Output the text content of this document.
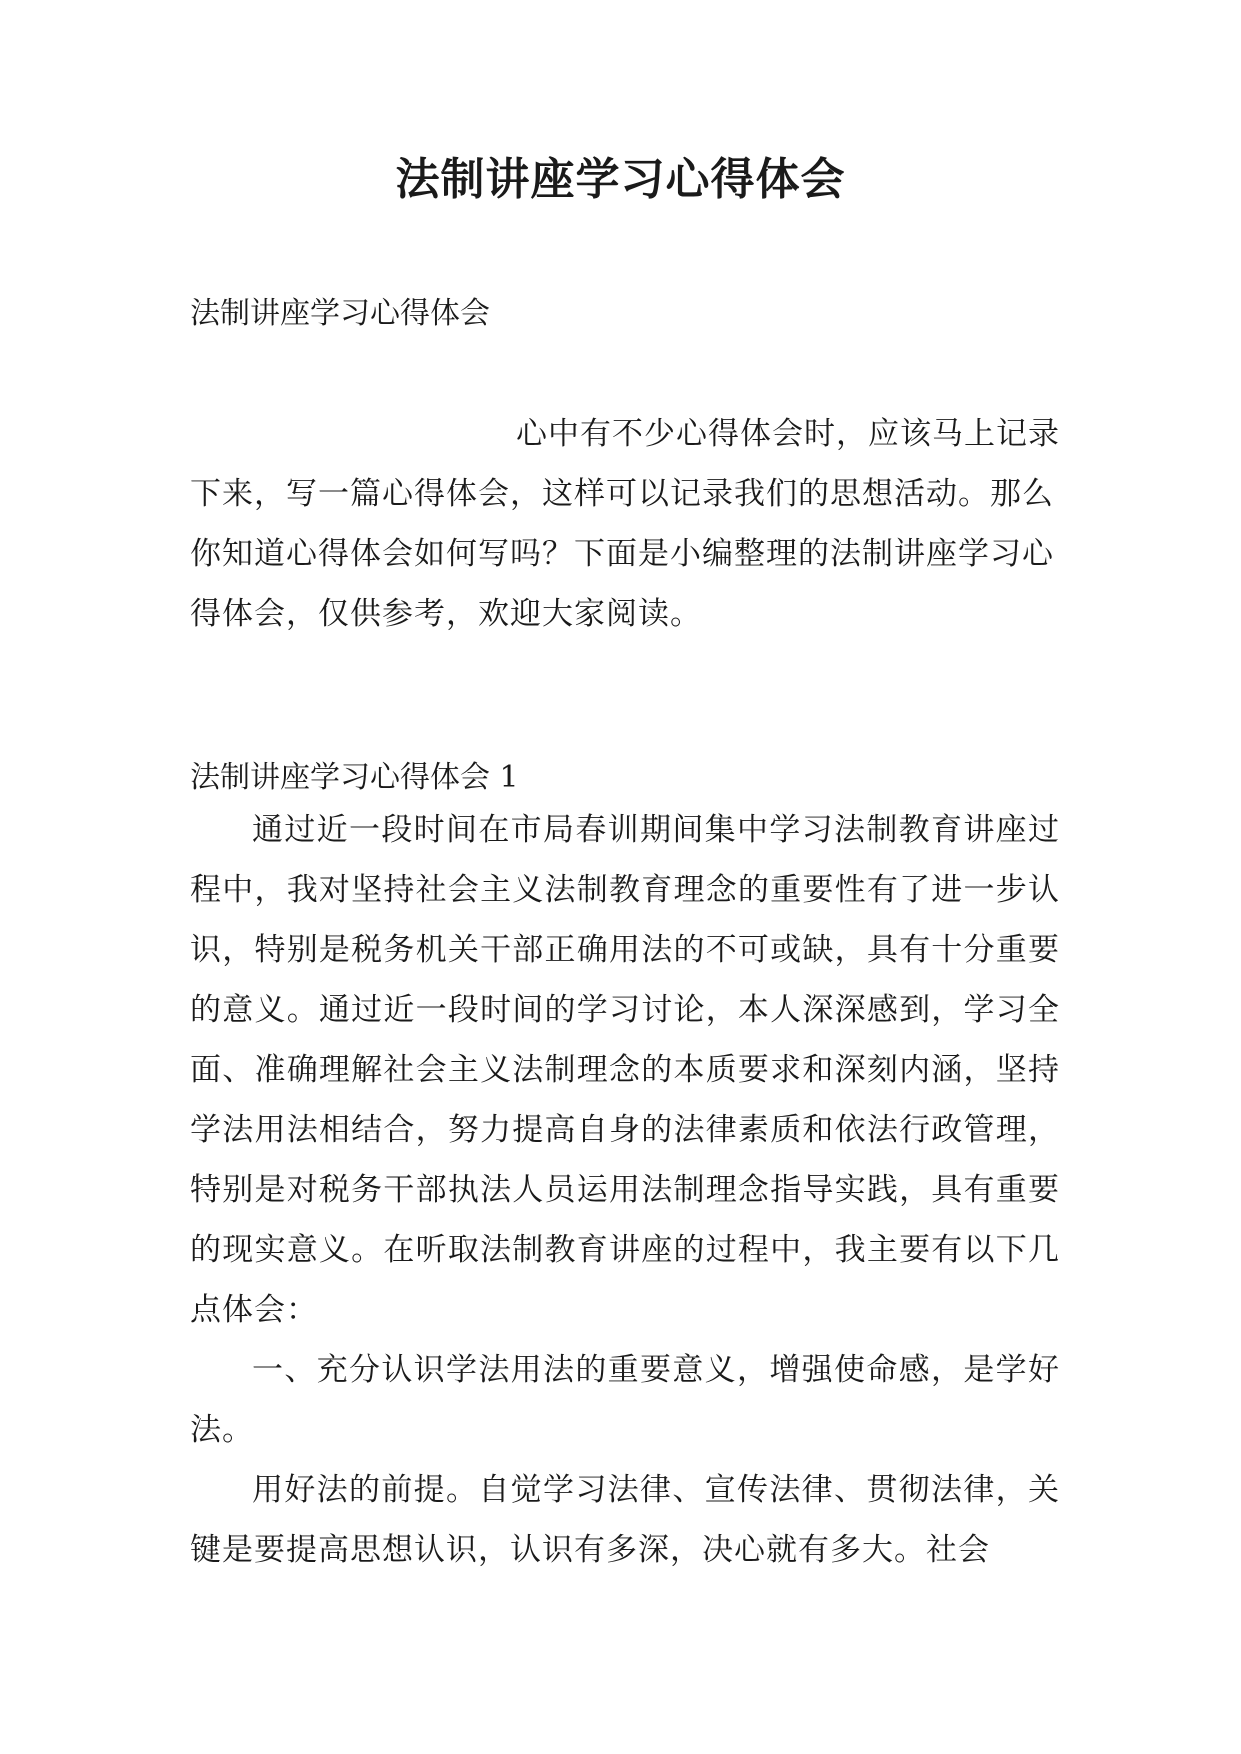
法制讲座学习心得体会
法制讲座学习心得体会
心中有不少心得体会时，应该马上记录下来，写一篇心得体会，这样可以记录我们的思想活动。那么你知道心得体会如何写吗？下面是小编整理的法制讲座学习心得体会，仅供参考，欢迎大家阅读。
法制讲座学习心得体会 1

通过近一段时间在市局春训期间集中学习法制教育讲座过程中，我对坚持社会主义法制教育理念的重要性有了进一步认识，特别是税务机关干部正确用法的不可或缺，具有十分重要的意义。通过近一段时间的学习讨论，本人深深感到，学习全面、准确理解社会主义法制理念的本质要求和深刻内涵，坚持学法用法相结合，努力提高自身的法律素质和依法行政管理，特别是对税务干部执法人员运用法制理念指导实践，具有重要的现实意义。在听取法制教育讲座的过程中，我主要有以下几点体会：

一、充分认识学法用法的重要意义，增强使命感，是学好法。

用好法的前提。自觉学习法律、宣传法律、贯彻法律，关键是要提高思想认识，认识有多深，决心就有多大。社会
